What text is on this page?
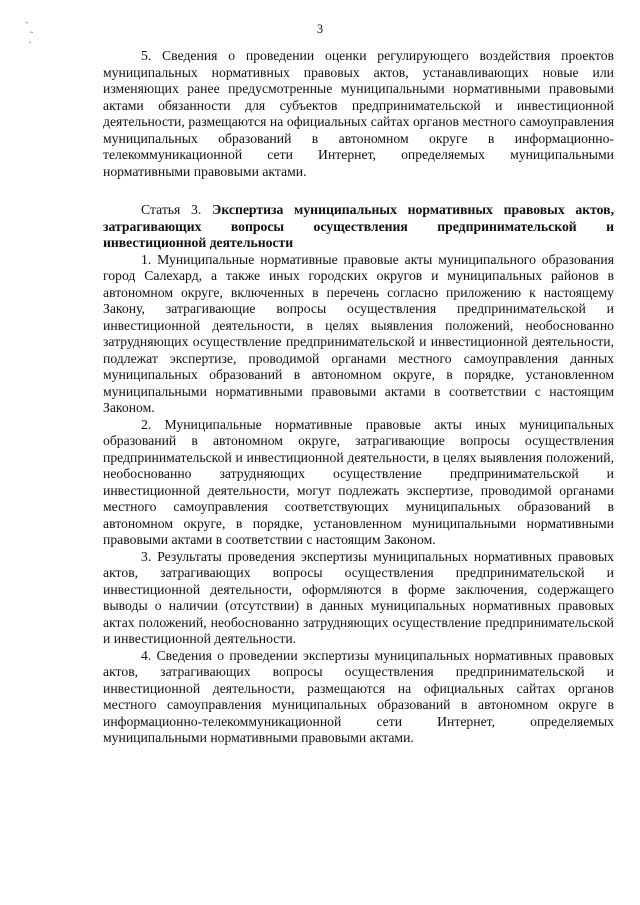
3

5. Сведения о проведении оценки регулирующего воздействия проектов муниципальных нормативных правовых актов, устанавливающих новые или изменяющих ранее предусмотренные муниципальными нормативными правовыми актами обязанности для субъектов предпринимательской и инвестиционной деятельности, размещаются на официальных сайтах органов местного самоуправления муниципальных образований в автономном округе в информационно-телекоммуникационной сети Интернет, определяемых муниципальными нормативными правовыми актами.

Статья 3. Экспертиза муниципальных нормативных правовых актов, затрагивающих вопросы осуществления предпринимательской и инвестиционной деятельности

1. Муниципальные нормативные правовые акты муниципального образования город Салехард, а также иных городских округов и муниципальных районов в автономном округе, включенных в перечень согласно приложению к настоящему Закону, затрагивающие вопросы осуществления предпринимательской и инвестиционной деятельности, в целях выявления положений, необоснованно затрудняющих осуществление предпринимательской и инвестиционной деятельности, подлежат экспертизе, проводимой органами местного самоуправления данных муниципальных образований в автономном округе, в порядке, установленном муниципальными нормативными правовыми актами в соответствии с настоящим Законом.

2. Муниципальные нормативные правовые акты иных муниципальных образований в автономном округе, затрагивающие вопросы осуществления предпринимательской и инвестиционной деятельности, в целях выявления положений, необоснованно затрудняющих осуществление предпринимательской и инвестиционной деятельности, могут подлежать экспертизе, проводимой органами местного самоуправления соответствующих муниципальных образований в автономном округе, в порядке, установленном муниципальными нормативными правовыми актами в соответствии с настоящим Законом.

3. Результаты проведения экспертизы муниципальных нормативных правовых актов, затрагивающих вопросы осуществления предпринимательской и инвестиционной деятельности, оформляются в форме заключения, содержащего выводы о наличии (отсутствии) в данных муниципальных нормативных правовых актах положений, необоснованно затрудняющих осуществление предпринимательской и инвестиционной деятельности.

4. Сведения о проведении экспертизы муниципальных нормативных правовых актов, затрагивающих вопросы осуществления предпринимательской и инвестиционной деятельности, размещаются на официальных сайтах органов местного самоуправления муниципальных образований в автономном округе в информационно-телекоммуникационной сети Интернет, определяемых муниципальными нормативными правовыми актами.
